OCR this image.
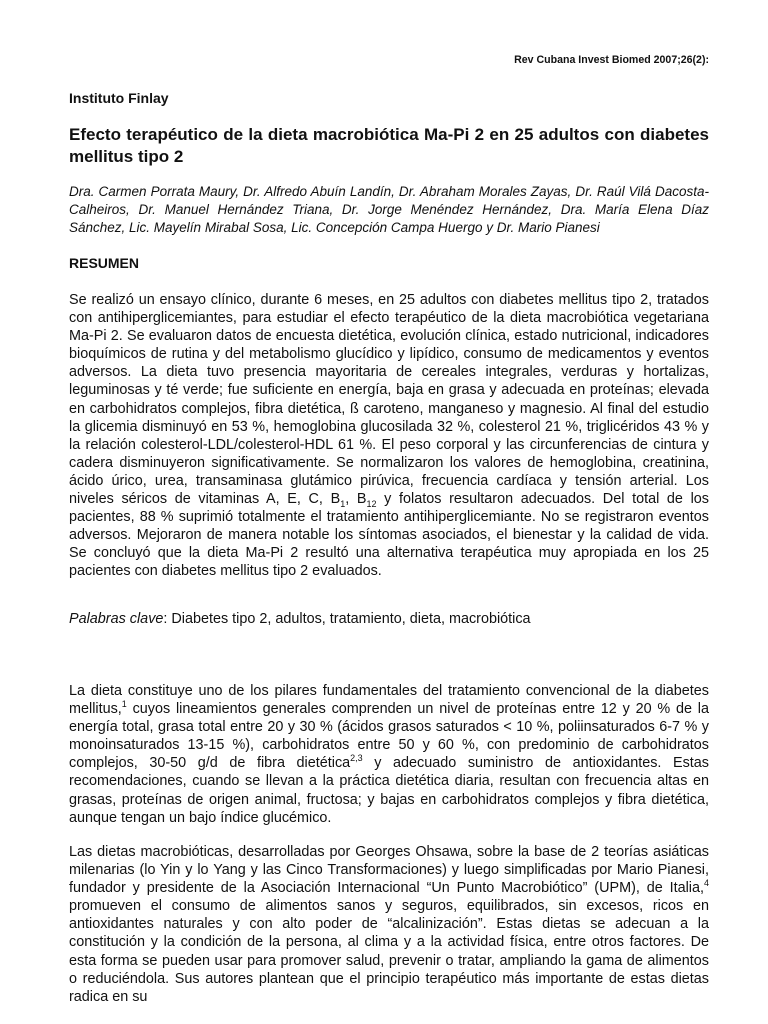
Rev Cubana Invest Biomed 2007;26(2):
Instituto Finlay
Efecto terapéutico de la dieta macrobiótica Ma-Pi 2 en 25 adultos con diabetes mellitus tipo 2

Dra. Carmen Porrata Maury, Dr. Alfredo Abuín Landín, Dr. Abraham Morales Zayas, Dr. Raúl Vilá Dacosta-Calheiros, Dr. Manuel Hernández Triana, Dr. Jorge Menéndez Hernández, Dra. María Elena Díaz Sánchez, Lic. Mayelín Mirabal Sosa, Lic. Concepción Campa Huergo y Dr. Mario Pianesi

RESUMEN

Se realizó un ensayo clínico, durante 6 meses, en 25 adultos con diabetes mellitus tipo 2, tratados con antihiperglicemiantes, para estudiar el efecto terapéutico de la dieta macrobiótica vegetariana Ma-Pi 2. Se evaluaron datos de encuesta dietética, evolución clínica, estado nutricional, indicadores bioquímicos de rutina y del metabolismo glucídico y lipídico, consumo de medicamentos y eventos adversos. La dieta tuvo presencia mayoritaria de cereales integrales, verduras y hortalizas, leguminosas y té verde; fue suficiente en energía, baja en grasa y adecuada en proteínas; elevada en carbohidratos complejos, fibra dietética, ß caroteno, manganeso y magnesio. Al final del estudio la glicemia disminuyó en 53 %, hemoglobina glucosilada 32 %, colesterol 21 %, triglicéridos 43 % y la relación colesterol-LDL/colesterol-HDL 61 %. El peso corporal y las circunferencias de cintura y cadera disminuyeron significativamente. Se normalizaron los valores de hemoglobina, creatinina, ácido úrico, urea, transaminasa glutámico pirúvica, frecuencia cardíaca y tensión arterial. Los niveles séricos de vitaminas A, E, C, $B_1$, $B_{12}$ y folatos resultaron adecuados. Del total de los pacientes, 88 % suprimió totalmente el tratamiento antihiperglicemiante. No se registraron eventos adversos. Mejoraron de manera notable los síntomas asociados, el bienestar y la calidad de vida. Se concluyó que la dieta Ma-Pi 2 resultó una alternativa terapéutica muy apropiada en los 25 pacientes con diabetes mellitus tipo 2 evaluados.

Palabras clave: Diabetes tipo 2, adultos, tratamiento, dieta, macrobiótica

La dieta constituye uno de los pilares fundamentales del tratamiento convencional de la diabetes mellitus,$^1$ cuyos lineamientos generales comprenden un nivel de proteínas entre 12 y 20 % de la energía total, grasa total entre 20 y 30 % (ácidos grasos saturados < 10 %, poliinsaturados 6-7 % y monoinsaturados 13-15 %), carbohidratos entre 50 y 60 %, con predominio de carbohidratos complejos, 30-50 g/d de fibra dietética$^{2,3}$ y adecuado suministro de antioxidantes. Estas recomendaciones, cuando se llevan a la práctica dietética diaria, resultan con frecuencia altas en grasas, proteínas de origen animal, fructosa; y bajas en carbohidratos complejos y fibra dietética, aunque tengan un bajo índice glucémico.

Las dietas macrobióticas, desarrolladas por Georges Ohsawa, sobre la base de 2 teorías asiáticas milenarias (lo Yin y lo Yang y las Cinco Transformaciones) y luego simplificadas por Mario Pianesi, fundador y presidente de la Asociación Internacional “Un Punto Macrobiótico” (UPM), de Italia,$^4$ promueven el consumo de alimentos sanos y seguros, equilibrados, sin excesos, ricos en antioxidantes naturales y con alto poder de “alcalinización”. Estas dietas se adecuan a la constitución y la condición de la persona, al clima y a la actividad física, entre otros factores. De esta forma se pueden usar para promover salud, prevenir o tratar, ampliando la gama de alimentos o reduciéndola. Sus autores plantean que el principio terapéutico más importante de estas dietas radica en su
